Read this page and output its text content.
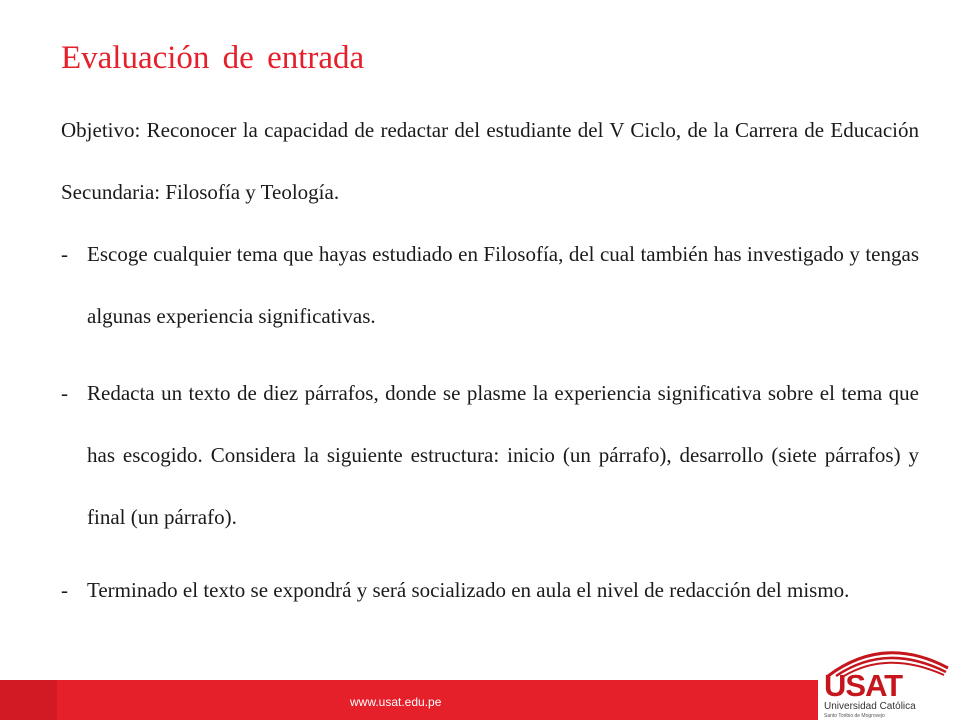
Evaluación de entrada

Objetivo: Reconocer la capacidad de redactar del estudiante del V Ciclo, de la Carrera de Educación Secundaria: Filosofía y Teología.

- Escoge cualquier tema que hayas estudiado en Filosofía, del cual también has investigado y tengas algunas experiencia significativas.
- Redacta un texto de diez párrafos, donde se plasme la experiencia significativa sobre el tema que has escogido. Considera la siguiente estructura: inicio (un párrafo), desarrollo (siete párrafos) y final (un párrafo).
- Terminado el texto se expondrá y será socializado en aula el nivel de redacción del mismo.
www.usat.edu.pe	USAT
Universidad Católica
Santo Toribio de Mogrovejo
